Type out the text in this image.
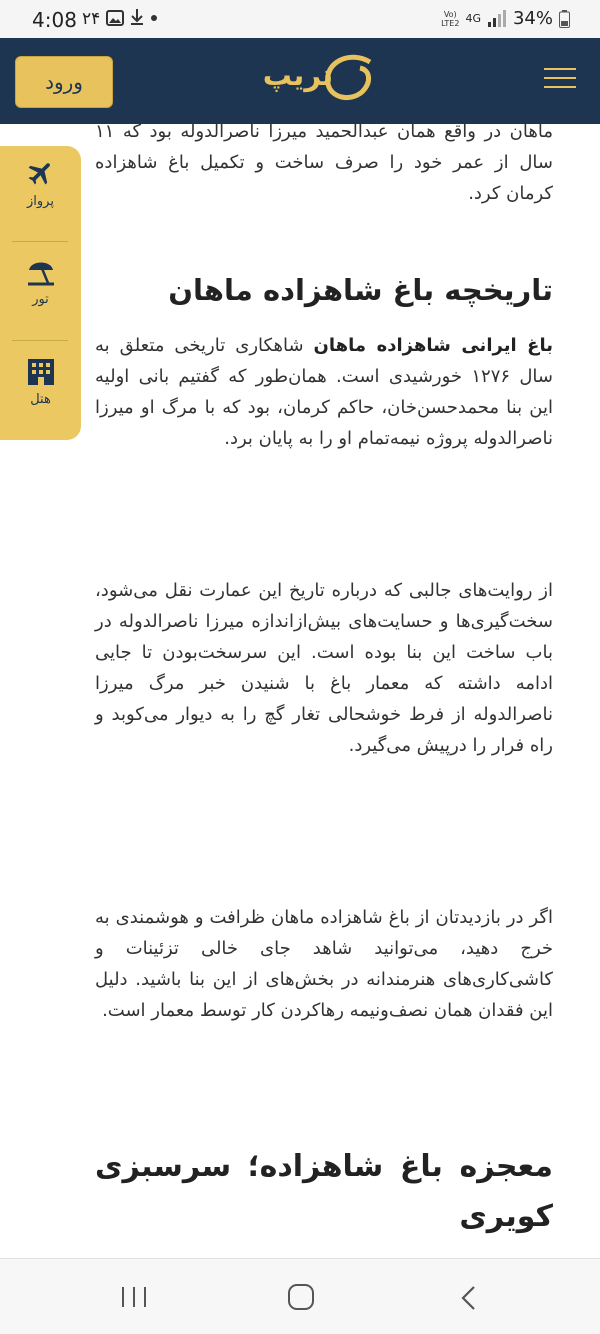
4:08 ۲۴	Vo)
LTE2 4G 34%
ورود	تریپ
پرواز
تور
هتل

ماهان در واقع همان عبدالحمید میرزا ناصرالدوله بود که ۱۱ سال از عمر خود را صرف ساخت و تکمیل باغ شاهزاده کرمان کرد.

تاریخچه باغ شاهزاده ماهان

باغ ایرانی شاهزاده ماهان شاهکاری تاریخی متعلق به سال ۱۲۷۶ خورشیدی است. همان‌طور که گفتیم بانی اولیه این بنا محمدحسن‌خان، حاکم کرمان، بود که با مرگ او میرزا ناصرالدوله پروژه نیمه‌تمام او را به پایان برد.

از روایت‌های جالبی که درباره تاریخ این عمارت نقل می‌شود، سخت‌گیری‌ها و حسایت‌های بیش‌ازاندازه میرزا ناصرالدوله در باب ساخت این بنا بوده است. این سرسخت‌بودن تا جایی ادامه داشته که معمار باغ با شنیدن خبر مرگ میرزا ناصرالدوله از فرط خوشحالی تغار گچ را به دیوار می‌کوبد و راه فرار را درپیش می‌گیرد.

اگر در بازدیدتان از باغ شاهزاده ماهان ظرافت و هوشمندی به خرج دهید، می‌توانید شاهد جای خالی تزئینات و کاشی‌کاری‌های هنرمندانه در بخش‌های از این بنا باشید. دلیل این فقدان همان نصف‌ونیمه رهاکردن کار توسط معمار است.

معجزه باغ شاهزاده؛ سرسبزی کویری
